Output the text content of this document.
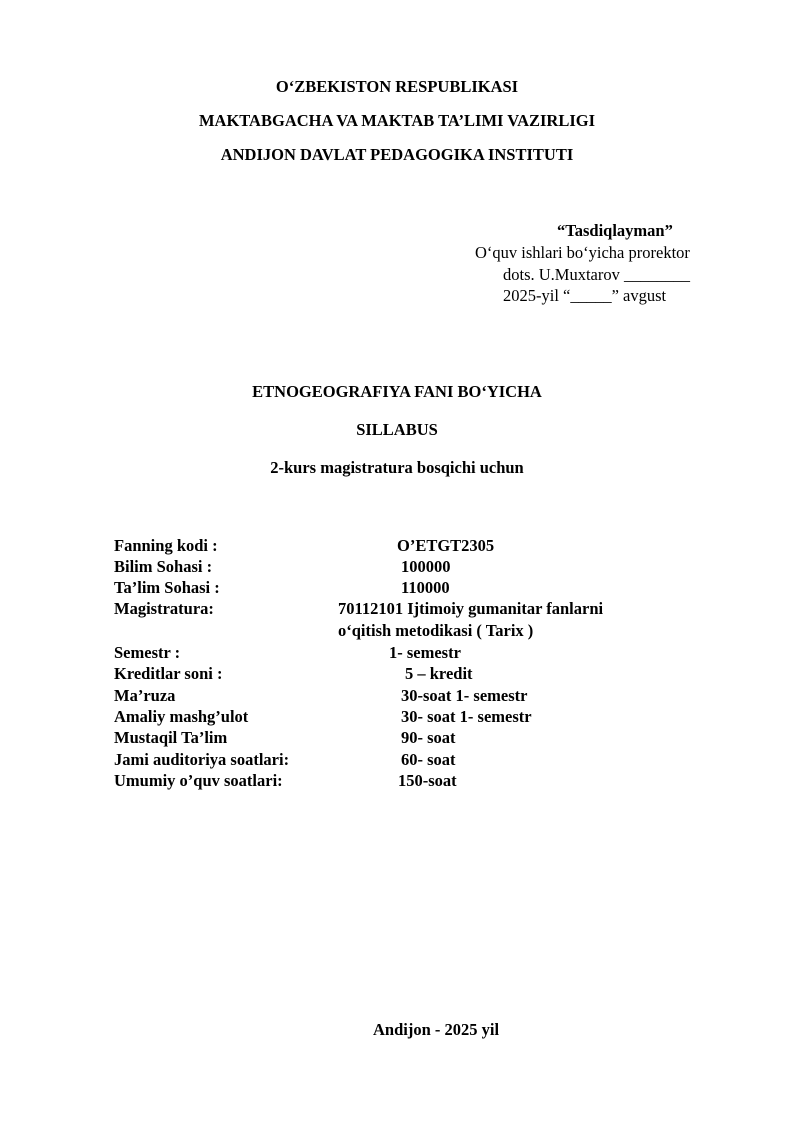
O‘ZBEKISTON RESPUBLIKASI
MAKTABGACHA VA MAKTAB TA’LIMI VAZIRLIGI
ANDIJON DAVLAT PEDAGOGIKA INSTITUTI
“Tasdiqlayman”
O‘quv ishlari bo‘yicha prorektor
dots. U.Muxtarov ________
2025-yil “_____” avgust
ETNOGEOGRAFIYA FANI BO‘YICHA
SILLABUS
2-kurs magistratura bosqichi uchun
Fanning kodi :	O’ETGT2305
Bilim Sohasi :	100000
Ta’lim Sohasi :	110000
Magistratura:	70112101 Ijtimoiy gumanitar fanlarni
o‘qitish metodikasi ( Tarix )
Semestr :	1- semestr
Kreditlar soni :	5 – kredit
Ma’ruza	30-soat 1- semestr
Amaliy mashg’ulot	30- soat 1- semestr
Mustaqil Ta’lim	90- soat
Jami auditoriya soatlari:	60- soat
Umumiy o’quv soatlari:	150-soat
Andijon - 2025 yil
